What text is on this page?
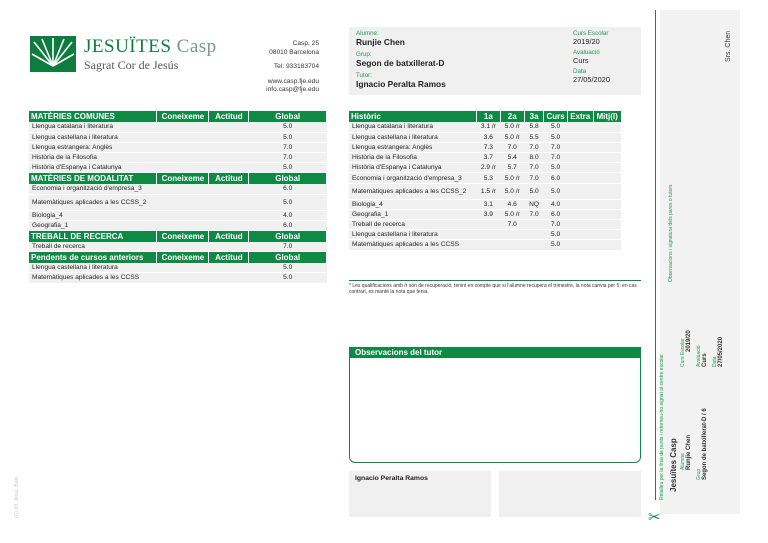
JESUÏTES Casp
Sagrat Cor de Jesús
Casp, 25
08010 Barcelona
Tel: 933183704
www.casp.fje.edu
info.casp@fje.edu
Alumne:
Runjie Chen
Grup:
Segon de batxillerat-D
Tutor:
Ignacio Peralta Ramos
Curs Escolar
2019/20
Avaluació
Curs
Data
27/05/2020
MATÈRIES COMUNES	Coneixeme	Actitud	Global
Llengua catalana i literatura			5.0
Llengua castellana i literatura			5.0
Llengua estrangera: Anglès			7.0
Història de la Filosofia			7.0
Història d'Espanya i Catalunya			5.0
MATÈRIES DE MODALITAT	Coneixeme	Actitud	Global
Economia i organització d'empresa_3			6.0
Matemàtiques aplicades a les CCSS_2			5.0
Biologia_4			4.0
Geografia_1			6.0
TREBALL DE RECERCA	Coneixeme	Actitud	Global
Treball de recerca			7.0
Pendents de cursos anteriors	Coneixeme	Actitud	Global
Llengua castellana i literatura			5.0
Matemàtiques aplicades a les CCSS			5.0
Històric	1a	2a	3a	Curs	Extra	Mitj(I)	
Llengua catalana i literatura	3.1 /r	5.0 /r	5.8	5.0			
Llengua castellana i literatura	3.6	5.0 /r	5.5	5.0			
Llengua estrangera: Anglès	7.3	7.0	7.0	7.0			
Història de la Filosofia	3.7	5.4	8.0	7.0			
Història d'Espanya i Catalunya	2.9 /r	5.7	7.0	5.0			
Economia i organització d'empresa_3	5.3	5.0 /r	7.0	6.0			
Matemàtiques aplicades a les CCSS_2	1.5 /r	5.0 /r	5.0	5.0			
Biologia_4	3.1	4.6	NQ	4.0			
Geografia_1	3.9	5.0 /r	7.0	6.0			
Treball de recerca		7.0		7.0			
Llengua castellana i literatura				5.0			
Matemàtiques aplicades a les CCSS				5.0			
* Les qualificacions amb /r són de recuperació, tenint en compte que si l'alumne recupera el trimestre, la nota canvia per 5; en cas contrari, es manté la nota que tenia.
Observacions del tutor
Ignacio Peralta Ramos
Srs. Chen
Observacions i signatura dels pares o tutors
Retalleu per la línia de punts i retorneu-ho signat al centre escolar Jesuïtes Casp Alumne Runjie Chen
Grup Segon de batxillerat-D / 6
Curs Escolar 2019/20
Avaluació Curs Data 27/05/2020
✂
(C) Inf. Jesuï. Batx
